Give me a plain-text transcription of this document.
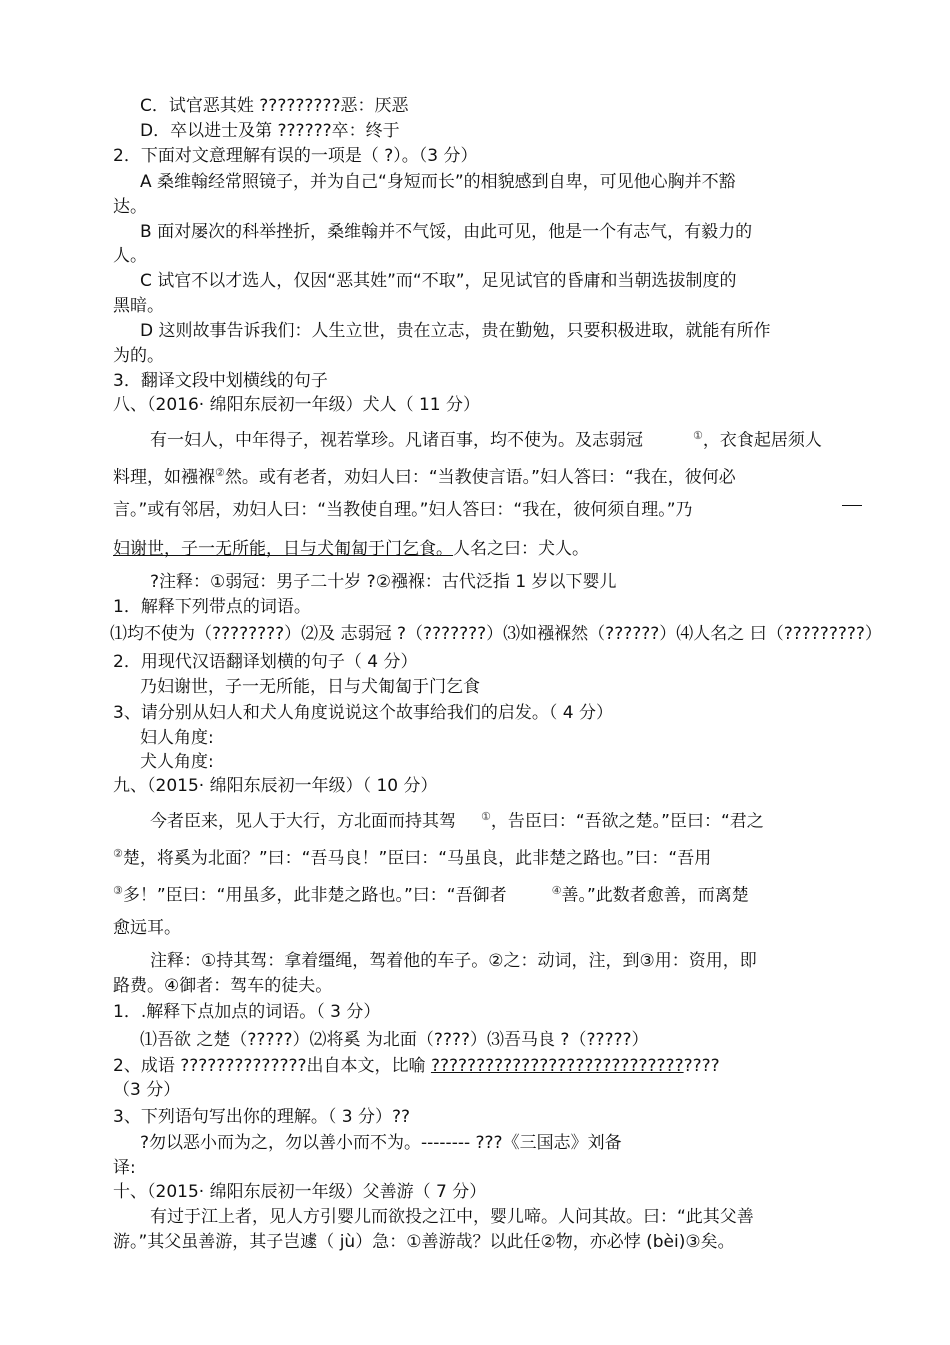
C．试官恶其姓 ?????????恶：厌恶
D．卒以进士及第 ??????卒：终于
2．下面对文意理解有误的一项是（ ?）。（3 分）
A 桑维翰经常照镜子，并为自己“身短而长”的相貌感到自卑，可见他心胸并不豁
达。
B 面对屡次的科举挫折，桑维翰并不气馁，由此可见，他是一个有志气，有毅力的
人。
C 试官不以才选人，仅因“恶其姓”而“不取”，足见试官的昏庸和当朝选拔制度的
黑暗。
D 这则故事告诉我们：人生立世，贵在立志，贵在勤勉，只要积极进取，就能有所作
为的。
3．翻译文段中划横线的句子
八、（2016· 绵阳东辰初一年级）犬人（ 11 分）
有一妇人，中年得子，视若掌珍。凡诸百事，均不使为。及志弱冠	①，衣食起居须人
料理，如襁褓②然。或有老者，劝妇人曰：“当教使言语。”妇人答曰：“我在，彼何必
言。”或有邻居，劝妇人曰：“当教使自理。”妇人答曰：“我在，彼何须自理。”乃
妇谢世，子一无所能，日与犬匍匐于门乞食。人名之曰：犬人。
?注释：①弱冠：男子二十岁 ?②襁褓：古代泛指 1 岁以下婴儿
1．解释下列带点的词语。
⑴均不使为（????????）⑵及 志弱冠 ?（???????）⑶如襁褓然（??????）⑷人名之 曰（?????????）
2．用现代汉语翻译划横的句子（ 4 分）
乃妇谢世，子一无所能，日与犬匍匐于门乞食
3、请分别从妇人和犬人角度说说这个故事给我们的启发。（ 4 分）
妇人角度:
犬人角度:
九、（2015· 绵阳东辰初一年级）（ 10 分）
今者臣来，见人于大行，方北面而持其驾 ①，告臣曰：“吾欲之楚。”臣曰：“君之
②楚，将奚为北面？”曰：“吾马良！”臣曰：“马虽良，此非楚之路也。”曰：“吾用
③多！”臣曰：“用虽多，此非楚之路也。”曰：“吾御者	④善。”此数者愈善，而离楚
愈远耳。
注释：①持其驾：拿着缰绳，驾着他的车子。②之：动词，注，到③用：资用，即
路费。④御者：驾车的徒夫。
1．.解释下点加点的词语。（ 3 分）
⑴吾欲 之楚（?????）⑵将奚 为北面（????）⑶吾马良 ?（?????）
2、成语 ??????????????出自本文，比喻 ????????????????????????????????
（3 分）
3、下列语句写出你的理解。（ 3 分）??
?勿以恶小而为之，勿以善小而不为。-------- ???《三国志》刘备
译:
十、（2015· 绵阳东辰初一年级）父善游（ 7 分）
有过于江上者，见人方引婴儿而欲投之江中，婴儿啼。人问其故。曰：“此其父善
游。”其父虽善游，其子岂遽（ jù）急：①善游哉？以此任②物，亦必悖 (bèi)③矣。
